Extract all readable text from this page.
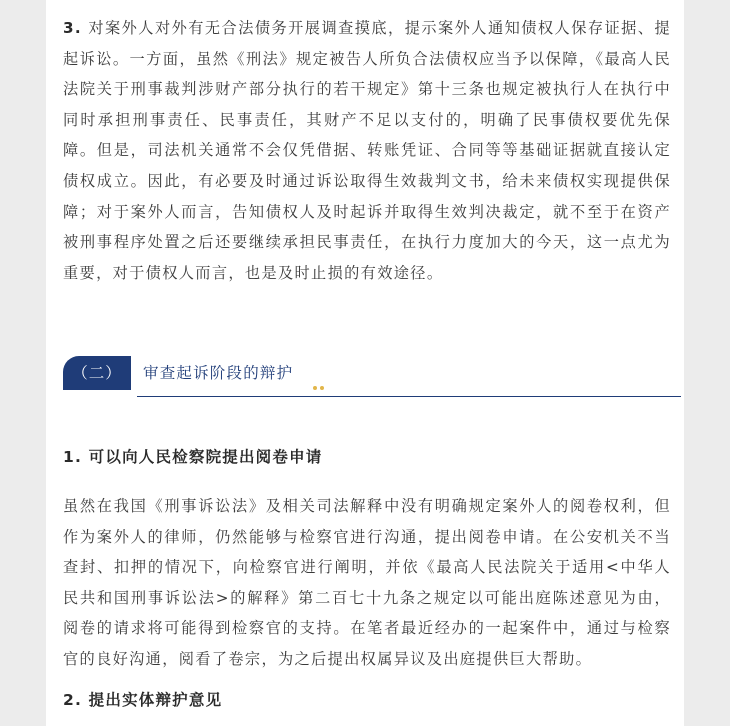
3. 对案外人对外有无合法债务开展调查摸底，提示案外人通知债权人保存证据、提起诉讼。一方面，虽然《刑法》规定被告人所负合法债权应当予以保障，《最高人民法院关于刑事裁判涉财产部分执行的若干规定》第十三条也规定被执行人在执行中同时承担刑事责任、民事责任，其财产不足以支付的，明确了民事债权要优先保障。但是，司法机关通常不会仅凭借据、转账凭证、合同等等基础证据就直接认定债权成立。因此，有必要及时通过诉讼取得生效裁判文书，给未来债权实现提供保障；对于案外人而言，告知债权人及时起诉并取得生效判决裁定，就不至于在资产被刑事程序处置之后还要继续承担民事责任，在执行力度加大的今天，这一点尤为重要，对于债权人而言，也是及时止损的有效途径。

（二）	审查起诉阶段的辩护
1. 可以向人民检察院提出阅卷申请

虽然在我国《刑事诉讼法》及相关司法解释中没有明确规定案外人的阅卷权利，但作为案外人的律师，仍然能够与检察官进行沟通，提出阅卷申请。在公安机关不当查封、扣押的情况下，向检察官进行阐明，并依《最高人民法院关于适用<中华人民共和国刑事诉讼法>的解释》第二百七十九条之规定以可能出庭陈述意见为由，阅卷的请求将可能得到检察官的支持。在笔者最近经办的一起案件中，通过与检察官的良好沟通，阅看了卷宗，为之后提出权属异议及出庭提供巨大帮助。

2. 提出实体辩护意见
